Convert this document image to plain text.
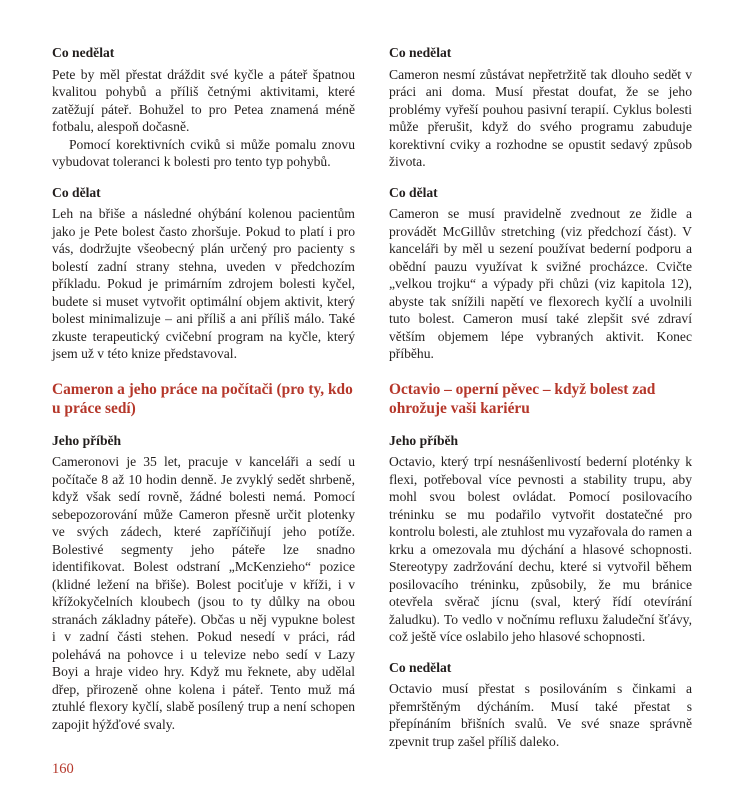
Co nedělat

Pete by měl přestat dráždit své kyčle a páteř špatnou kvalitou pohybů a příliš četnými aktivitami, které zatěžují páteř. Bohužel to pro Petea znamená méně fotbalu, alespoň dočasně.

Pomocí korektivních cviků si může pomalu znovu vybudovat toleranci k bolesti pro tento typ pohybů.

Co dělat

Leh na břiše a následné ohýbání kolenou pacientům jako je Pete bolest často zhoršuje. Pokud to platí i pro vás, dodržujte všeobecný plán určený pro pacienty s bolestí zadní strany stehna, uveden v předchozím příkladu. Pokud je primárním zdrojem bolesti kyčel, budete si muset vytvořit optimální objem aktivit, který bolest minimalizuje – ani příliš a ani příliš málo. Také zkuste terapeutický cvičební program na kyčle, který jsem už v této knize představoval.

Cameron a jeho práce na počítači (pro ty, kdo u práce sedí)
Jeho příběh

Cameronovi je 35 let, pracuje v kanceláři a sedí u počítače 8 až 10 hodin denně. Je zvyklý sedět shrbeně, když však sedí rovně, žádné bolesti nemá. Pomocí sebepozorování může Cameron přesně určit plotenky ve svých zádech, které zapříčiňují jeho potíže. Bolestivé segmenty jeho páteře lze snadno identifikovat. Bolest odstraní „McKenzieho“ pozice (klidné ležení na břiše). Bolest pociťuje v kříži, i v křížokyčelních kloubech (jsou to ty důlky na obou stranách základny páteře). Občas u něj vypukne bolest i v zadní části stehen. Pokud nesedí v práci, rád polehává na pohovce i u televize nebo sedí v Lazy Boyi a hraje video hry. Když mu řeknete, aby udělal dřep, přirozeně ohne kolena i páteř. Tento muž má ztuhlé flexory kyčlí, slabě posílený trup a není schopen zapojit hýžďové svaly.

Co nedělat

Cameron nesmí zůstávat nepřetržitě tak dlouho sedět v práci ani doma. Musí přestat doufat, že se jeho problémy vyřeší pouhou pasivní terapií. Cyklus bolesti může přerušit, když do svého programu zabuduje korektivní cviky a rozhodne se opustit sedavý způsob života.

Co dělat

Cameron se musí pravidelně zvednout ze židle a provádět McGillův stretching (viz předchozí část). V kanceláři by měl u sezení používat bederní podporu a obědní pauzu využívat k svižné procházce. Cvičte „velkou trojku“ a výpady při chůzi (viz kapitola 12), abyste tak snížili napětí ve flexorech kyčlí a uvolnili tuto bolest. Cameron musí také zlepšit své zdraví větším objemem lépe vybraných aktivit. Konec příběhu.

Octavio – operní pěvec – když bolest zad ohrožuje vaši kariéru
Jeho příběh

Octavio, který trpí nesnášenlivostí bederní ploténky k flexi, potřeboval více pevnosti a stability trupu, aby mohl svou bolest ovládat. Pomocí posilovacího tréninku se mu podařilo vytvořit dostatečné pro kontrolu bolesti, ale ztuhlost mu vyzařovala do ramen a krku a omezovala mu dýchání a hlasové schopnosti. Stereotypy zadržování dechu, které si vytvořil během posilovacího tréninku, způsobily, že mu bránice otevřela svěrač jícnu (sval, který řídí otevírání žaludku). To vedlo v nočnímu refluxu žaludeční šťávy, což ještě více oslabilo jeho hlasové schopnosti.

Co nedělat

Octavio musí přestat s posilováním s činkami a přemrštěným dýcháním. Musí také přestat s přepínáním břišních svalů. Ve své snaze správně zpevnit trup zašel příliš daleko.

160
